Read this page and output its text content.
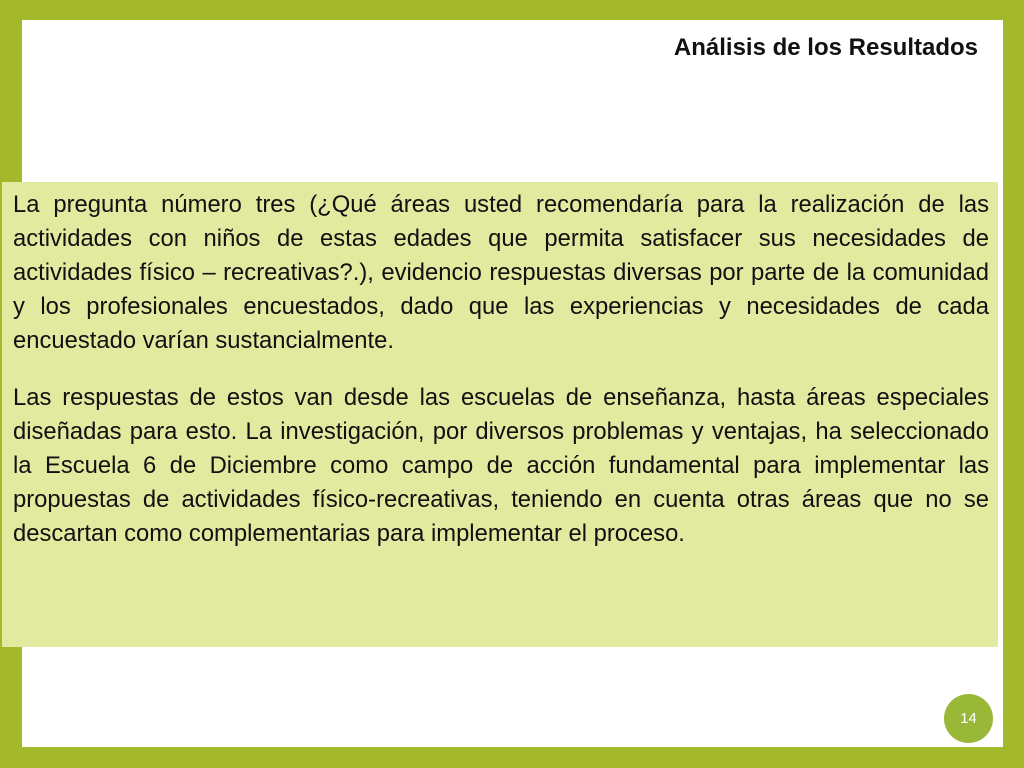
Análisis de los Resultados

La pregunta número tres (¿Qué áreas usted recomendaría para la realización de las actividades con niños de estas edades que permita satisfacer sus necesidades de actividades físico – recreativas?.), evidencio respuestas diversas por parte de la comunidad y los profesionales encuestados, dado que las experiencias y necesidades de cada encuestado varían sustancialmente.

Las respuestas de estos van desde las escuelas de enseñanza, hasta áreas especiales diseñadas para esto. La investigación, por diversos problemas y ventajas, ha seleccionado la Escuela 6 de Diciembre como campo de acción fundamental para implementar las propuestas de actividades físico-recreativas, teniendo en cuenta otras áreas que no se descartan como complementarias para implementar el proceso.

14
